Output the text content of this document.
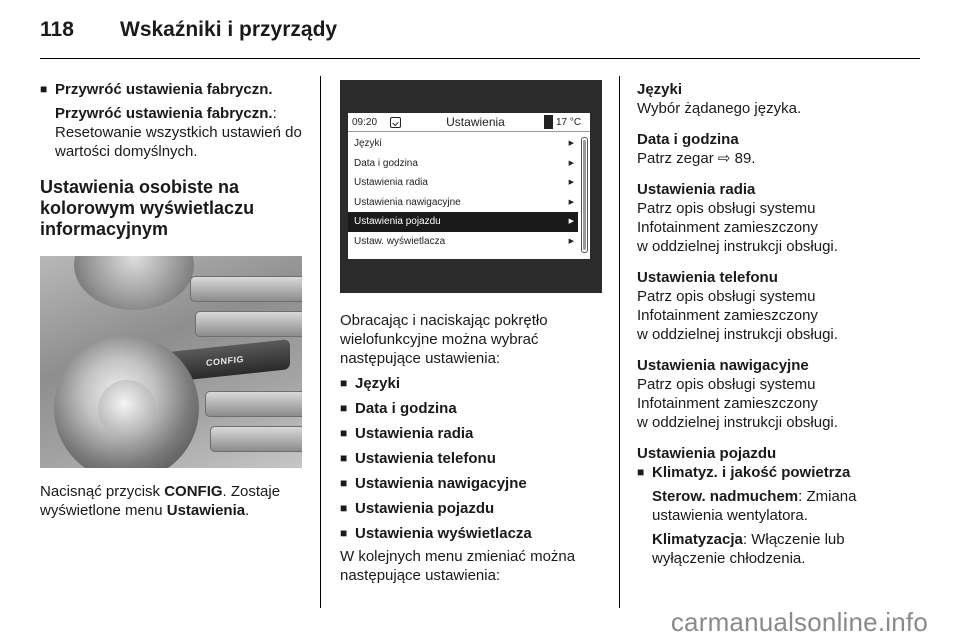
118	Wskaźniki i przyrządy
■ Przywróć ustawienia fabryczn.
Przywróć ustawienia fabryczn.: Resetowanie wszystkich ustawień do wartości domyślnych.
Ustawienia osobiste na kolorowym wyświetlaczu informacyjnym
CONFIG
Nacisnąć przycisk CONFIG. Zostaje wyświetlone menu Ustawienia.
09:20	Ustawienia	17 °C
Języki	▶
Data i godzina	▶
Ustawienia radia	▶
Ustawienia nawigacyjne	▶
Ustawienia pojazdu	▶
Ustaw. wyświetlacza	▶
Obracając i naciskając pokrętło wielofunkcyjne można wybrać następujące ustawienia:
■ Języki
■ Data i godzina
■ Ustawienia radia
■ Ustawienia telefonu
■ Ustawienia nawigacyjne
■ Ustawienia pojazdu
■ Ustawienia wyświetlacza
W kolejnych menu zmieniać można następujące ustawienia:
Języki
Wybór żądanego języka.
Data i godzina
Patrz zegar ⇨ 89.
Ustawienia radia
Patrz opis obsługi systemu
Infotainment zamieszczony
w oddzielnej instrukcji obsługi.
Ustawienia telefonu
Patrz opis obsługi systemu
Infotainment zamieszczony
w oddzielnej instrukcji obsługi.
Ustawienia nawigacyjne
Patrz opis obsługi systemu
Infotainment zamieszczony
w oddzielnej instrukcji obsługi.
Ustawienia pojazdu
■ Klimatyz. i jakość powietrza
Sterow. nadmuchem: Zmiana ustawienia wentylatora.
Klimatyzacja: Włączenie lub wyłączenie chłodzenia.
carmanualsonline.info
